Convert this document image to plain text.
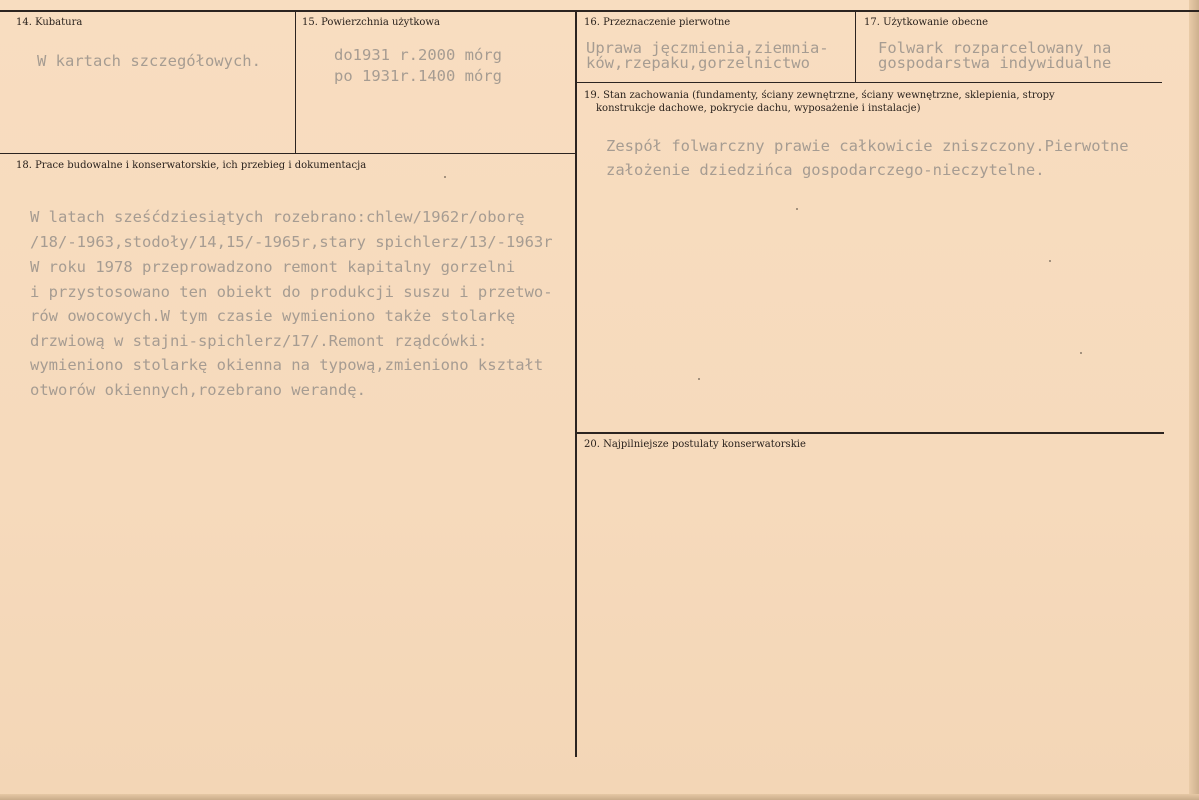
14. Kubatura
W kartach szczegółowych.
15. Powierzchnia użytkowa
do1931 r.2000 mórg
po 1931r.1400 mórg
16. Przeznaczenie pierwotne
Uprawa jęczmienia,ziemnia-
ków,rzepaku,gorzelnictwo
17. Użytkowanie obecne
Folwark rozparcelowany na
gospodarstwa indywidualne
18. Prace budowalne i konserwatorskie, ich przebieg i dokumentacja
W latach sześćdziesiątych rozebrano:chlew/1962r/oborę
/18/-1963,stodoły/14,15/-1965r,stary spichlerz/13/-1963r
W roku 1978 przeprowadzono remont kapitalny gorzelni
i przystosowano ten obiekt do produkcji suszu i przetwo-
rów owocowych.W tym czasie wymieniono także stolarkę
drzwiową w stajni-spichlerz/17/.Remont rządcówki:
wymieniono stolarkę okienna na typową,zmieniono kształt
otworów okiennych,rozebrano werandę.
19. Stan zachowania (fundamenty, ściany zewnętrzne, ściany wewnętrzne, sklepienia, stropy
konstrukcje dachowe, pokrycie dachu, wyposażenie i instalacje)
Zespół folwarczny prawie całkowicie zniszczony.Pierwotne
założenie dziedzińca gospodarczego-nieczytelne.
20. Najpilniejsze postulaty konserwatorskie
